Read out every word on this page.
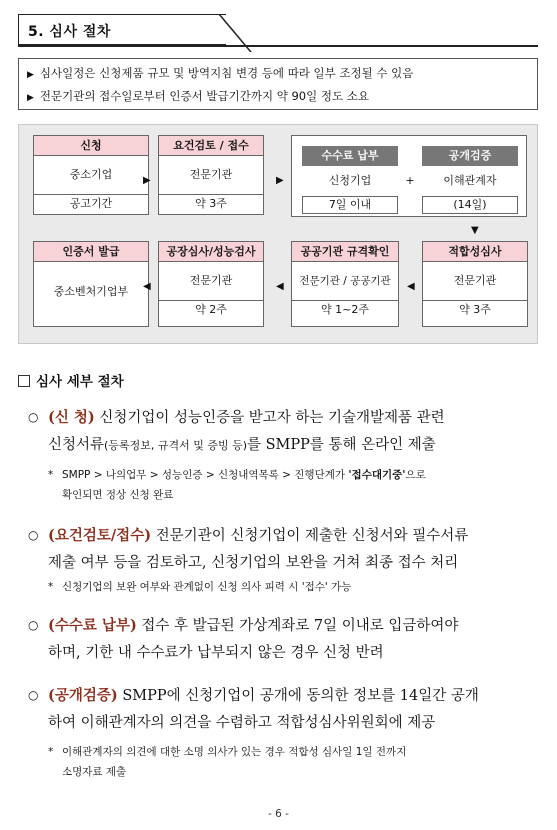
5. 심사 절차
▶ 심사일정은 신청제품 규모 및 방역지침 변경 등에 따라 일부 조정될 수 있음
▶ 전문기관의 접수일로부터 인증서 발급기간까지 약 90일 정도 소요
신청
중소기업
공고기간
▶
요건검토 / 접수
전문기관
약 3주
▶
수수료 납부
신청기업
7일 이내
+
공개검증
이해관계자
(14일)
▼
인증서 발급
중소벤처기업부	◀
공장심사/성능검사
전문기관
약 2주
◀
공공기관 규격확인
전문기관 / 공공기관
약 1~2주
◀
적합성심사
전문기관
약 3주
심사 세부 절차
○ (신 청) 신청기업이 성능인증을 받고자 하는 기술개발제품 관련
신청서류(등록정보, 규격서 및 증빙 등)를 SMPP를 통해 온라인 제출
* SMPP > 나의업무 > 성능인증 > 신청내역목록 > 진행단계가 '접수대기중'으로
확인되면 정상 신청 완료
○ (요건검토/접수) 전문기관이 신청기업이 제출한 신청서와 필수서류
제출 여부 등을 검토하고, 신청기업의 보완을 거쳐 최종 접수 처리
* 신청기업의 보완 여부와 관계없이 신청 의사 피력 시 '접수' 가능
○ (수수료 납부) 접수 후 발급된 가상계좌로 7일 이내로 입금하여야
하며, 기한 내 수수료가 납부되지 않은 경우 신청 반려
○ (공개검증) SMPP에 신청기업이 공개에 동의한 정보를 14일간 공개
하여 이해관계자의 의견을 수렴하고 적합성심사위원회에 제공
* 이해관계자의 의견에 대한 소명 의사가 있는 경우 적합성 심사일 1일 전까지
소명자료 제출
- 6 -
